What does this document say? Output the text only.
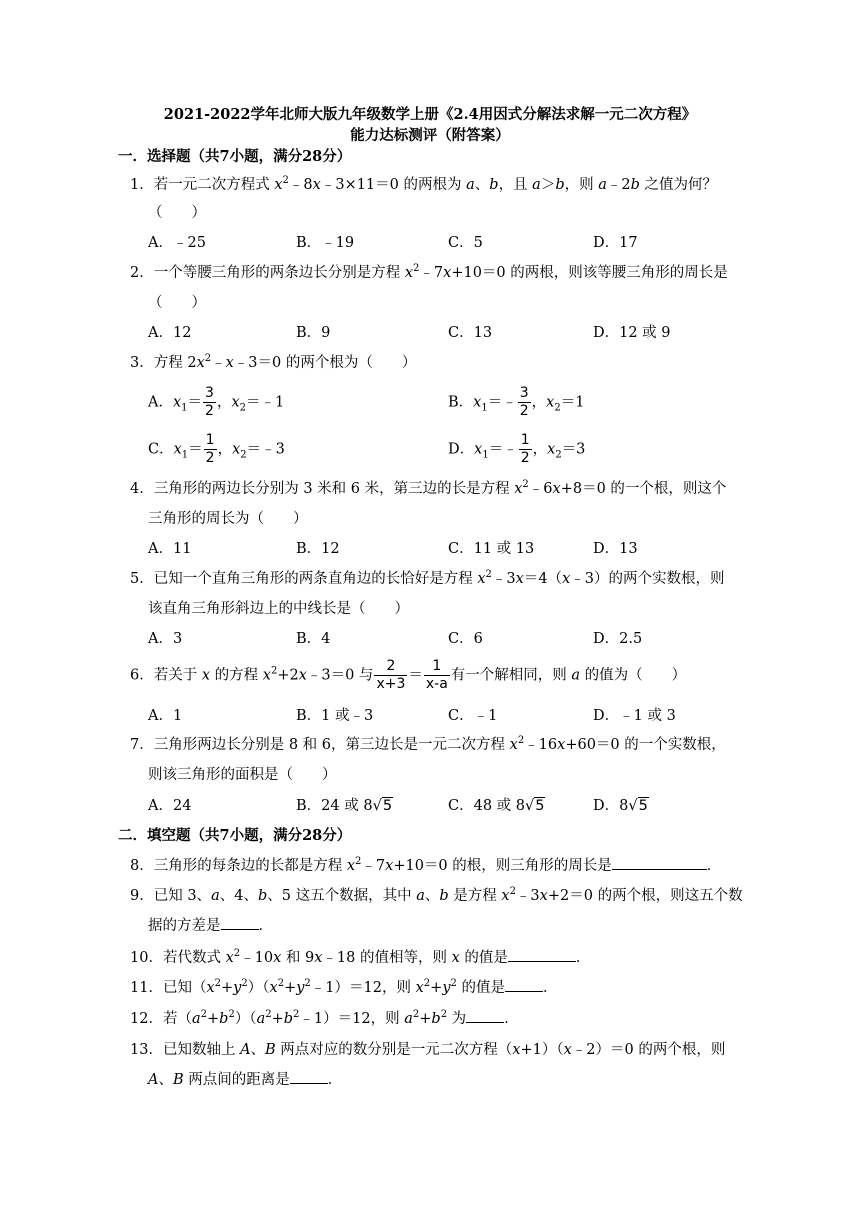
2021-2022学年北师大版九年级数学上册《2.4用因式分解法求解一元二次方程》
能力达标测评（附答案）
一．选择题（共7小题，满分28分）
1．若一元二次方程式 $x^2﹣8x﹣3\times 11=0$ 的两根为 a、b，且 a＞b，则 a﹣2b 之值为何？
（　　）
A．﹣25	B．﹣19	C．5	D．17
2．一个等腰三角形的两条边长分别是方程 $x^2﹣7x+10=0$ 的两根，则该等腰三角形的周长是
（　　）
A．12	B．9	C．13	D．12 或 9
3．方程 $2x^2﹣x﹣3=0$ 的两个根为（　　）
A．$x_1= \frac{3}{2}$ ，$x_2=﹣1$	B．$x_1=﹣ \frac{3}{2}$ ，$x_2=1$
C．$x_1= \frac{1}{2}$ ，$x_2=﹣3$	D．$x_1=﹣ \frac{1}{2}$ ，$x_2=3$
4．三角形的两边长分别为 3 米和 6 米，第三边的长是方程 $x^2﹣6x+8=0$ 的一个根，则这个
三角形的周长为（　　）
A．11	B．12	C．11 或 13	D．13
5．已知一个直角三角形的两条直角边的长恰好是方程 $x^2﹣3x=4(x﹣3)$的两个实数根，则
该直角三角形斜边上的中线长是（　　）
A．3	B．4	C．6	D．2.5
6．若关于 x 的方程 $x^2+2x﹣3=0$ 与 $\frac{2}{x+3} = \frac{1}{x-a}$ 有一个解相同，则 a 的值为（　　）
A．1	B．1 或﹣3	C．﹣1	D．﹣1 或 3
7．三角形两边长分别是 8 和 6，第三边长是一元二次方程 $x^2﹣16x+60=0$ 的一个实数根，
则该三角形的面积是（　　）
A．24	B．24 或 8√5	C．48 或 8√5	D．8√5
二．填空题（共7小题，满分28分）
8．三角形的每条边的长都是方程 $x^2﹣7x+10=0$ 的根，则三角形的周长是	．
9．已知 3、a、4、b、5 这五个数据，其中 a、b 是方程 $x^2﹣3x+2=0$ 的两个根，则这五个数
据的方差是	．
10．若代数式 $x^2﹣10x$ 和 9x﹣18 的值相等，则 x 的值是	．
11．已知$(x^2+y^2)(x^2+y^2﹣1)=12$，则 $x^2+y^2$ 的值是	．
12．若$(a^2+b^2)(a^2+b^2﹣1)=12$，则 $a^2+b^2$ 为	．
13．已知数轴上 A、B 两点对应的数分别是一元二次方程（x+1）（x﹣2）＝0 的两个根，则
A、B 两点间的距离是	．
